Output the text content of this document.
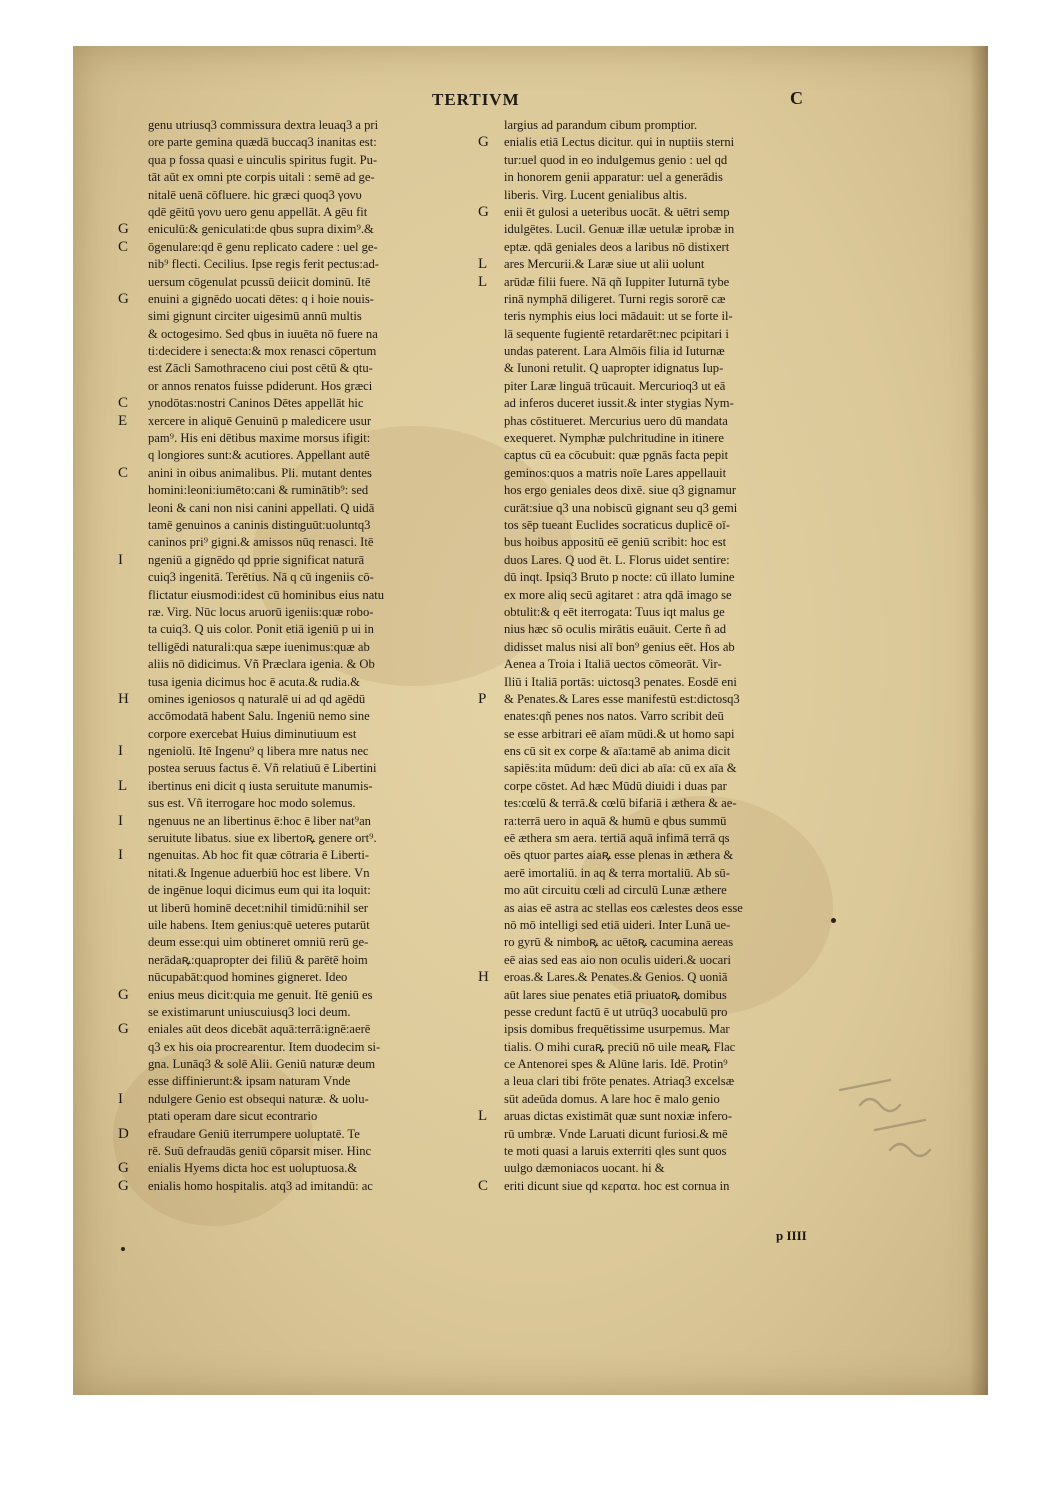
TERTIVM	C
genu utriusq3 commissura dextra leuaq3 a pri
ore parte gemina quædā buccaq3 inanitas est:
qua p fossa quasi e uinculis spiritus fugit. Pu-
tāt aūt ex omni pte corpis uitali : semē ad ge-
nitalē uenā cōfluere. hic græci quoq3 γονυ
qdē gēitū γονυ uero genu appellāt. A gēu fit
G eniculū:& geniculati:de qbus supra dixim⁹.&
C ōgenulare:qd ē genu replicato cadere : uel ge-
nib⁹ flecti. Cecilius. Ipse regis ferit pectus:ad-
uersum cōgenulat pcussū deiicit dominū. Itē
G enuini a gignēdo uocati dētes: q i hoie nouis-
simi gignunt circiter uigesimū annū multis
& octogesimo. Sed qbus in iuuēta nō fuere na
ti:decidere i senecta:& mox renasci cōpertum
est Zācli Samothraceno ciui post cētū & qtu-
or annos renatos fuisse pdiderunt. Hos græci
C ynodōtas:nostri Caninos Dētes appellāt hic
E xercere in aliquē Genuinū p maledicere usur
pam⁹. His eni dētibus maxime morsus ifigit:
q longiores sunt:& acutiores. Appellant autē
C anini in oibus animalibus. Pli. mutant dentes
homini:leoni:iumēto:cani & ruminātib⁹: sed
leoni & cani non nisi canini appellati. Q uidā
tamē genuinos a caninis distinguūt:uoluntq3
caninos pri⁹ gigni.& amissos nūq renasci. Itē
I ngeniū a gignēdo qd pprie significat naturā
cuiq3 ingenitā. Terētius. Nā q cū ingeniis cō-
flictatur eiusmodi:idest cū hominibus eius natu
ræ. Virg. Nūc locus aruorū igeniis:quæ robo-
ta cuiq3. Q uis color. Ponit etiā igeniū p ui in
telligēdi naturali:qua sæpe iuenimus:quæ ab
aliis nō didicimus. Vñ Præclara igenia. & Ob
tusa igenia dicimus hoc ē acuta.& rudia.&
H omines igeniosos q naturalē ui ad qd agēdū
accōmodatā habent Salu. Ingeniū nemo sine
corpore exercebat Huius diminutiuum est
I ngeniolū. Itē Ingenu⁹ q libera mre natus nec
postea seruus factus ē. Vñ relatiuū ē Libertini
L ibertinus eni dicit q iusta seruitute manumis-
sus est. Vñ iterrogare hoc modo solemus.
I ngenuus ne an libertinus ē:hoc ē liber nat⁹an
seruitute libatus. siue ex libertoꝶ genere ort⁹.
I ngenuitas. Ab hoc fit quæ cōtraria ē Liberti-
nitati.& Ingenue aduerbiū hoc est libere. Vn
de ingēnue loqui dicimus eum qui ita loquit:
ut liberū hominē decet:nihil timidū:nihil ser
uile habens. Item genius:quē ueteres putarūt
deum esse:qui uim obtineret omniū rerū ge-
nerādaꝶ:quapropter dei filiū & parētē hoim
nūcupabāt:quod homines gigneret. Ideo
G enius meus dicit:quia me genuit. Itē geniū es
se existimarunt uniuscuiusq3 loci deum.
G eniales aūt deos dicebāt aquā:terrā:ignē:aerē
q3 ex his oia procrearentur. Item duodecim si-
gna. Lunāq3 & solē Alii. Geniū naturæ deum
esse diffinierunt:& ipsam naturam Vnde
I ndulgere Genio est obsequi naturæ. & uolu-
ptati operam dare sicut econtrario
D efraudare Geniū iterrumpere uoluptatē. Te
rē. Suū defraudās geniū cōparsit miser. Hinc
G enialis Hyems dicta hoc est uoluptuosa.&
G enialis homo hospitalis. atq3 ad imitandū: ac
largius ad parandum cibum promptior.
G enialis etiā Lectus dicitur. qui in nuptiis sterni
tur:uel quod in eo indulgemus genio : uel qd
in honorem genii apparatur: uel a generādis
liberis. Virg. Lucent genialibus altis.
G enii ēt gulosi a ueteribus uocāt. & uētri semp
idulgētes. Lucil. Genuæ illæ uetulæ iprobæ in
eptæ. qdā geniales deos a laribus nō distixert
L ares Mercurii.& Laræ siue ut alii uolunt
L arūdæ filii fuere. Nā qñ Iuppiter Iuturnā tybe
rinā nymphā diligeret. Turni regis sororē cæ
teris nymphis eius loci mādauit: ut se forte il-
lā sequente fugientē retardarēt:nec pcipitari i
undas paterent. Lara Almōis filia id Iuturnæ
& Iunoni retulit. Q uapropter idignatus Iup-
piter Laræ linguā trūcauit. Mercurioq3 ut eā
ad inferos duceret iussit.& inter stygias Nym-
phas cōstitueret. Mercurius uero dū mandata
exequeret. Nymphæ pulchritudine in itinere
captus cū ea cōcubuit: quæ pgnās facta pepit
geminos:quos a matris noīe Lares appellauit
hos ergo geniales deos dixē. siue q3 gignamur
curāt:siue q3 una nobiscū gignant seu q3 gemi
tos sēp tueant Euclides socraticus duplicē oī-
bus hoibus appositū eē geniū scribit: hoc est
duos Lares. Q uod ēt. L. Florus uidet sentire:
dū inqt. Ipsiq3 Bruto p nocte: cū illato lumine
ex more aliq secū agitaret : atra qdā imago se
obtulit:& q eēt iterrogata: Tuus iqt malus ge
nius hæc sō oculis mirātis euāuit. Certe ñ ad
didisset malus nisi alī bon⁹ genius eēt. Hos ab
Aenea a Troia i Italiā uectos cōmeorāt. Vir-
Iliū i Italiā portās: uictosq3 penates. Eosdē eni
P & Penates.& Lares esse manifestū est:dictosq3
enates:qñ penes nos natos. Varro scribit deū
se esse arbitrari eē aīam mūdi.& ut homo sapi
ens cū sit ex corpe & aīa:tamē ab anima dicit
sapiēs:ita mūdum: deū dici ab aīa: cū ex aīa &
corpe cōstet. Ad hæc Mūdū diuidi i duas par
tes:cœlū & terrā.& cœlū bifariā i æthera & ae-
ra:terrā uero in aquā & humū e qbus summū
eē æthera sm aera. tertiā aquā infimā terrā qs
oēs qtuor partes aiaꝶ esse plenas in æthera &
aerē imortaliū. in aq & terra mortaliū. Ab sū-
mo aūt circuitu cœli ad circulū Lunæ æthere
as aias eē astra ac stellas eos cælestes deos esse
nō mō intelligi sed etiā uideri. Inter Lunā ue-
ro gyrū & nimboꝶ ac uētoꝶ cacumina aereas
eē aias sed eas aio non oculis uideri.& uocari
H eroas.& Lares.& Penates.& Genios. Q uoniā
aūt lares siue penates etiā priuatoꝶ domibus
pesse credunt factū ē ut utrūq3 uocabulū pro
ipsis domibus frequētissime usurpemus. Mar
tialis. O mihi curaꝶ preciū nō uile meaꝶ Flac
ce Antenorei spes & Alūne laris. Idē. Protin⁹
a leua clari tibi frōte penates. Atriaq3 excelsæ
sūt adeūda domus. A lare hoc ē malo genio
L aruas dictas existimāt quæ sunt noxiæ infero-
rū umbræ. Vnde Laruati dicunt furiosi.& mē
te moti quasi a laruis exterriti qles sunt quos
uulgo dæmoniacos uocant. hi &
C eriti dicunt siue qd κερατα. hoc est cornua in
p IIII
